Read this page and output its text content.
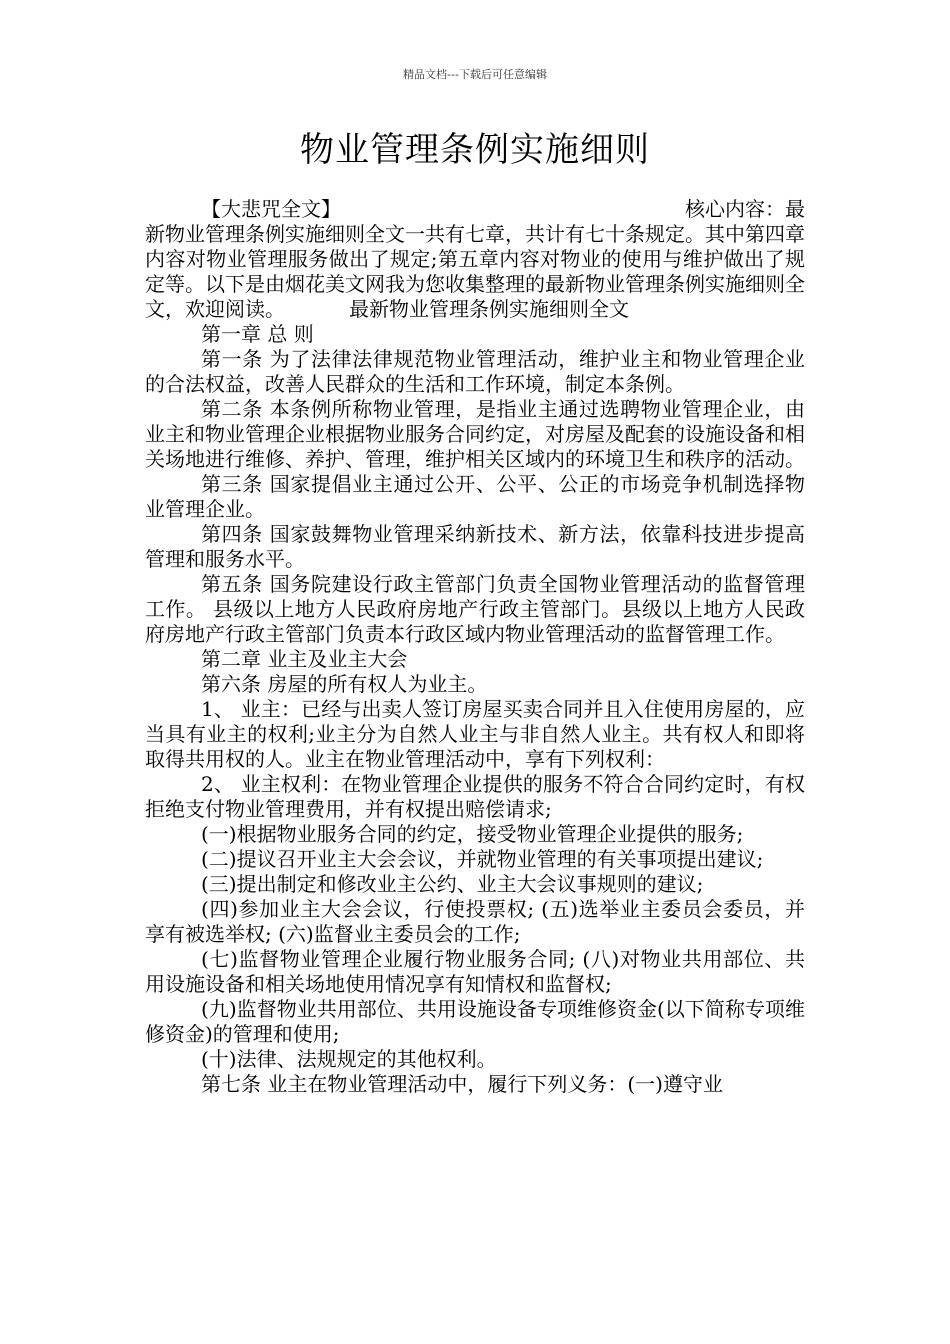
精品文档---下载后可任意编辑
物业管理条例实施细则
【大悲咒全文】	核心内容：最

新物业管理条例实施细则全文一共有七章，共计有七十条规定。其中第四章内容对物业管理服务做出了规定;第五章内容对物业的使用与维护做出了规定等。以下是由烟花美文网我为您收集整理的最新物业管理条例实施细则全文，欢迎阅读。	最新物业管理条例实施细则全文

第一章 总 则

第一条 为了法律法律规范物业管理活动，维护业主和物业管理企业的合法权益，改善人民群众的生活和工作环境，制定本条例。

第二条 本条例所称物业管理，是指业主通过选聘物业管理企业，由业主和物业管理企业根据物业服务合同约定，对房屋及配套的设施设备和相关场地进行维修、养护、管理，维护相关区域内的环境卫生和秩序的活动。

第三条 国家提倡业主通过公开、公平、公正的市场竞争机制选择物业管理企业。

第四条 国家鼓舞物业管理采纳新技术、新方法，依靠科技进步提高管理和服务水平。

第五条 国务院建设行政主管部门负责全国物业管理活动的监督管理工作。 县级以上地方人民政府房地产行政主管部门。县级以上地方人民政府房地产行政主管部门负责本行政区域内物业管理活动的监督管理工作。

第二章 业主及业主大会

第六条 房屋的所有权人为业主。

1、 业主：已经与出卖人签订房屋买卖合同并且入住使用房屋的，应当具有业主的权利;业主分为自然人业主与非自然人业主。共有权人和即将取得共用权的人。业主在物业管理活动中，享有下列权利：

2、 业主权利：在物业管理企业提供的服务不符合合同约定时，有权拒绝支付物业管理费用，并有权提出赔偿请求;

(一)根据物业服务合同的约定，接受物业管理企业提供的服务;

(二)提议召开业主大会会议，并就物业管理的有关事项提出建议;

(三)提出制定和修改业主公约、业主大会议事规则的建议;

(四)参加业主大会会议，行使投票权; (五)选举业主委员会委员，并享有被选举权; (六)监督业主委员会的工作;

(七)监督物业管理企业履行物业服务合同; (八)对物业共用部位、共用设施设备和相关场地使用情况享有知情权和监督权;

(九)监督物业共用部位、共用设施设备专项维修资金(以下简称专项维修资金)的管理和使用;

(十)法律、法规规定的其他权利。

第七条 业主在物业管理活动中，履行下列义务：(一)遵守业
